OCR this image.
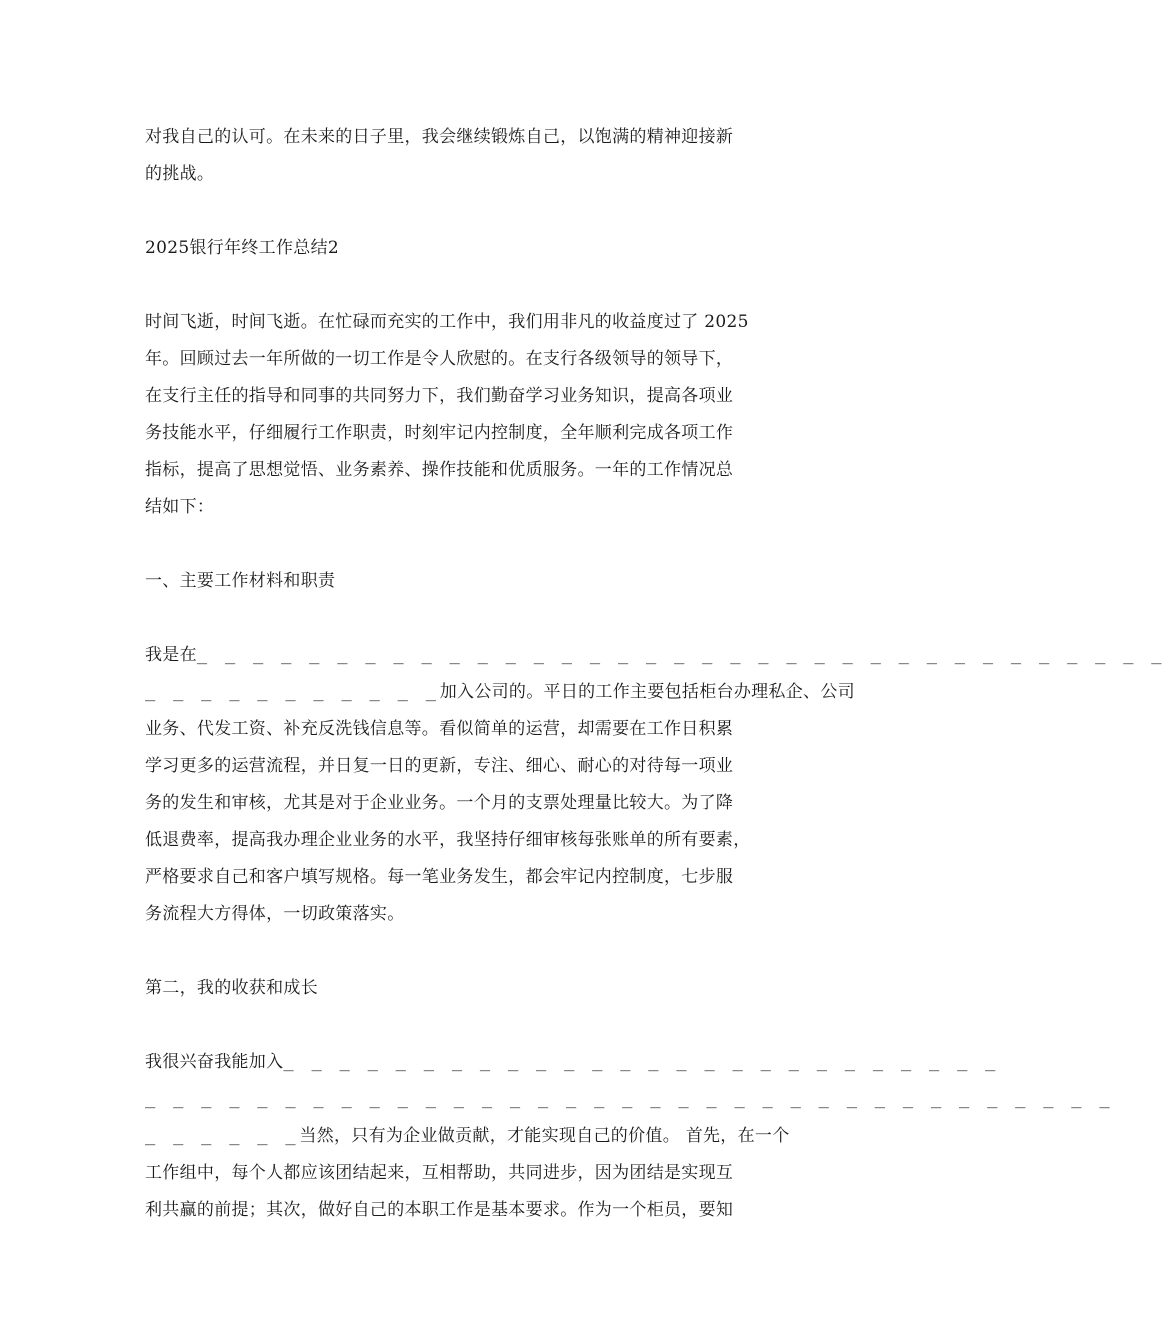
对我自己的认可。在未来的日子里，我会继续锻炼自己，以饱满的精神迎接新
的挑战。
2025银行年终工作总结2
时间飞逝，时间飞逝。在忙碌而充实的工作中，我们用非凡的收益度过了 2025
年。回顾过去一年所做的一切工作是令人欣慰的。在支行各级领导的领导下，
在支行主任的指导和同事的共同努力下，我们勤奋学习业务知识，提高各项业
务技能水平，仔细履行工作职责，时刻牢记内控制度，全年顺利完成各项工作
指标，提高了思想觉悟、业务素养、操作技能和优质服务。一年的工作情况总
结如下：
一、主要工作材料和职责
我是在_ _ _ _ _ _ _ _ _ _ _ _ _ _ _ _ _ _ _ _ _ _ _ _ _ _ _ _ _ _ _ _ _ _ _
_ _ _ _ _ _ _ _ _ _ _加入公司的。平日的工作主要包括柜台办理私企、公司
业务、代发工资、补充反洗钱信息等。看似简单的运营，却需要在工作日积累
学习更多的运营流程，并日复一日的更新，专注、细心、耐心的对待每一项业
务的发生和审核，尤其是对于企业业务。一个月的支票处理量比较大。为了降
低退费率，提高我办理企业业务的水平，我坚持仔细审核每张账单的所有要素，
严格要求自己和客户填写规格。每一笔业务发生，都会牢记内控制度，七步服
务流程大方得体，一切政策落实。
第二，我的收获和成长
我很兴奋我能加入_ _ _ _ _ _ _ _ _ _ _ _ _ _ _ _ _ _ _ _ _ _ _ _ _ _
_ _ _ _ _ _ _ _ _ _ _ _ _ _ _ _ _ _ _ _ _ _ _ _ _ _ _ _ _ _ _ _ _ _ _
_ _ _ _ _ _当然，只有为企业做贡献，才能实现自己的价值。 首先，在一个
工作组中，每个人都应该团结起来，互相帮助，共同进步，因为团结是实现互
利共赢的前提；其次，做好自己的本职工作是基本要求。作为一个柜员，要知
